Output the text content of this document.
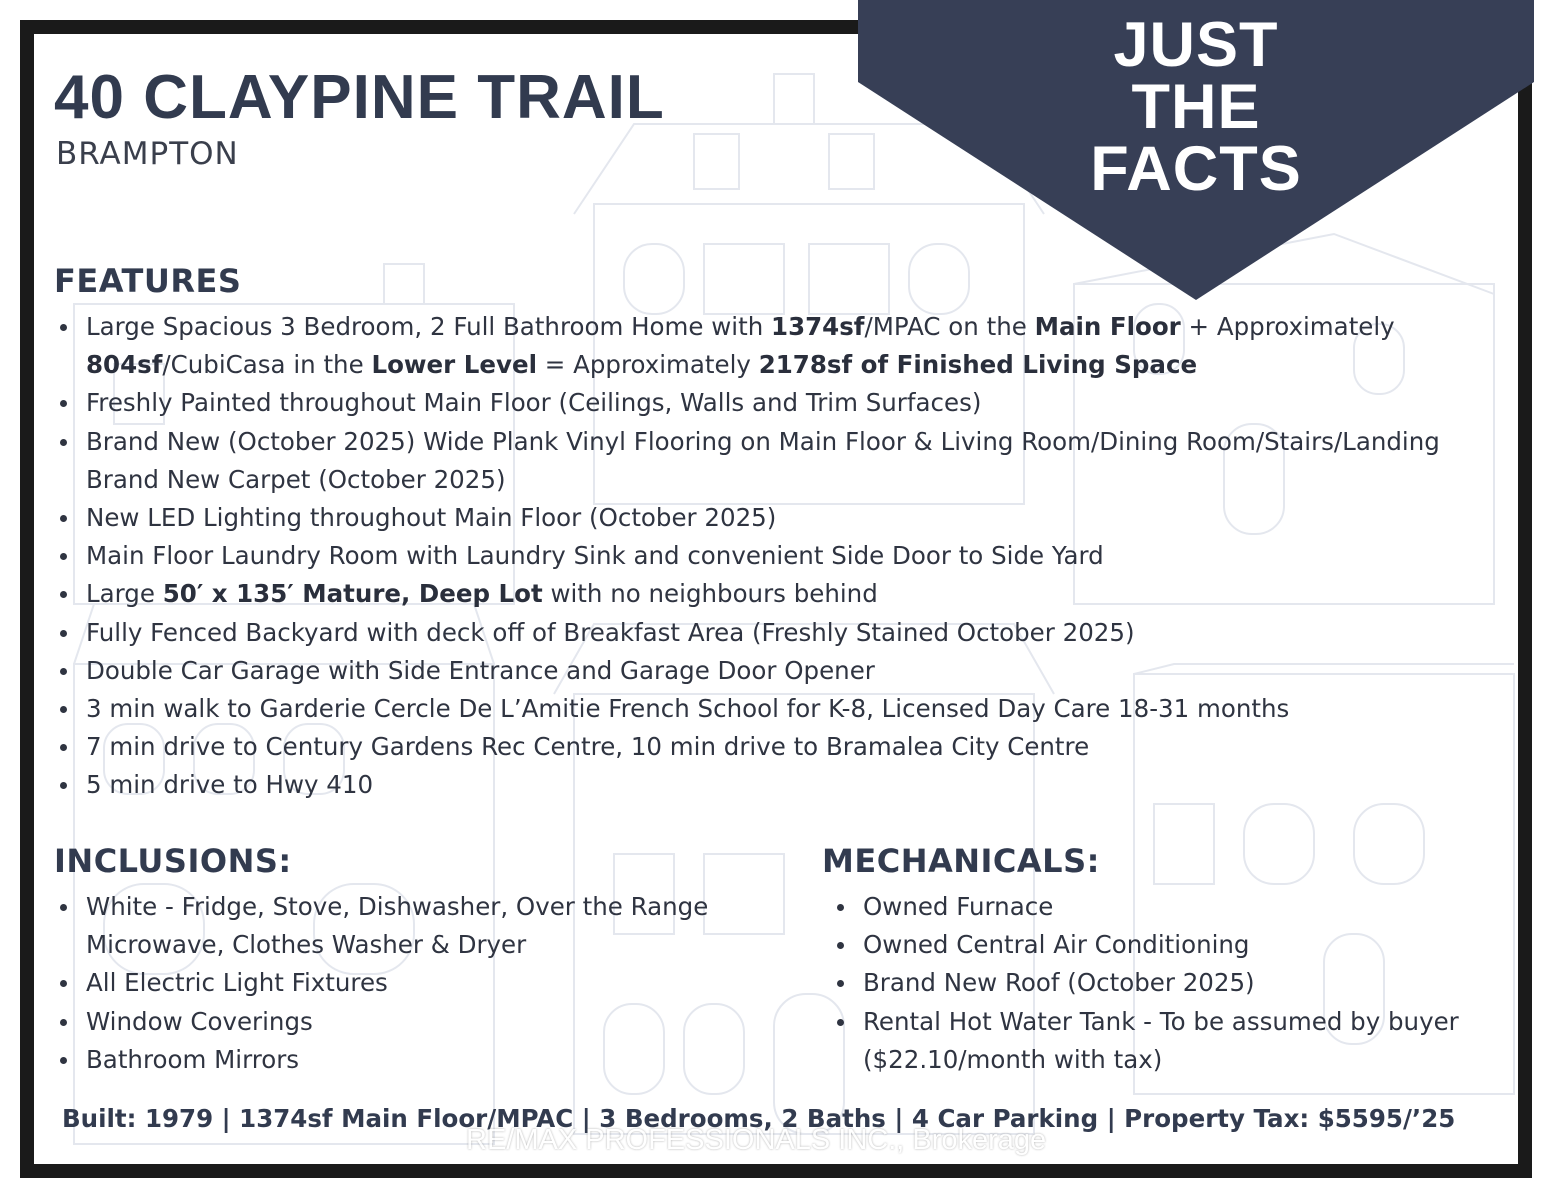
JUST
THE
FACTS
40 CLAYPINE TRAIL
BRAMPTON
FEATURES
Large Spacious 3 Bedroom, 2 Full Bathroom Home with 1374sf/MPAC on the Main Floor + Approximately 804sf/CubiCasa in the Lower Level = Approximately 2178sf of Finished Living Space
Freshly Painted throughout Main Floor (Ceilings, Walls and Trim Surfaces)
Brand New (October 2025) Wide Plank Vinyl Flooring on Main Floor & Living Room/Dining Room/Stairs/Landing Brand New Carpet (October 2025)
New LED Lighting throughout Main Floor (October 2025)
Main Floor Laundry Room with Laundry Sink and convenient Side Door to Side Yard
Large 50′ x 135′ Mature, Deep Lot with no neighbours behind
Fully Fenced Backyard with deck off of Breakfast Area (Freshly Stained October 2025)
Double Car Garage with Side Entrance and Garage Door Opener
3 min walk to Garderie Cercle De L’Amitie French School for K-8, Licensed Day Care 18-31 months
7 min drive to Century Gardens Rec Centre, 10 min drive to Bramalea City Centre
5 min drive to Hwy 410
INCLUSIONS:
White - Fridge, Stove, Dishwasher, Over the Range Microwave, Clothes Washer & Dryer
All Electric Light Fixtures
Window Coverings
Bathroom Mirrors
MECHANICALS:
Owned Furnace
Owned Central Air Conditioning
Brand New Roof (October 2025)
Rental Hot Water Tank - To be assumed by buyer ($22.10/month with tax)
Built: 1979 | 1374sf Main Floor/MPAC | 3 Bedrooms, 2 Baths | 4 Car Parking | Property Tax: $5595/’25
RE/MAX PROFESSIONALS INC., Brokerage
